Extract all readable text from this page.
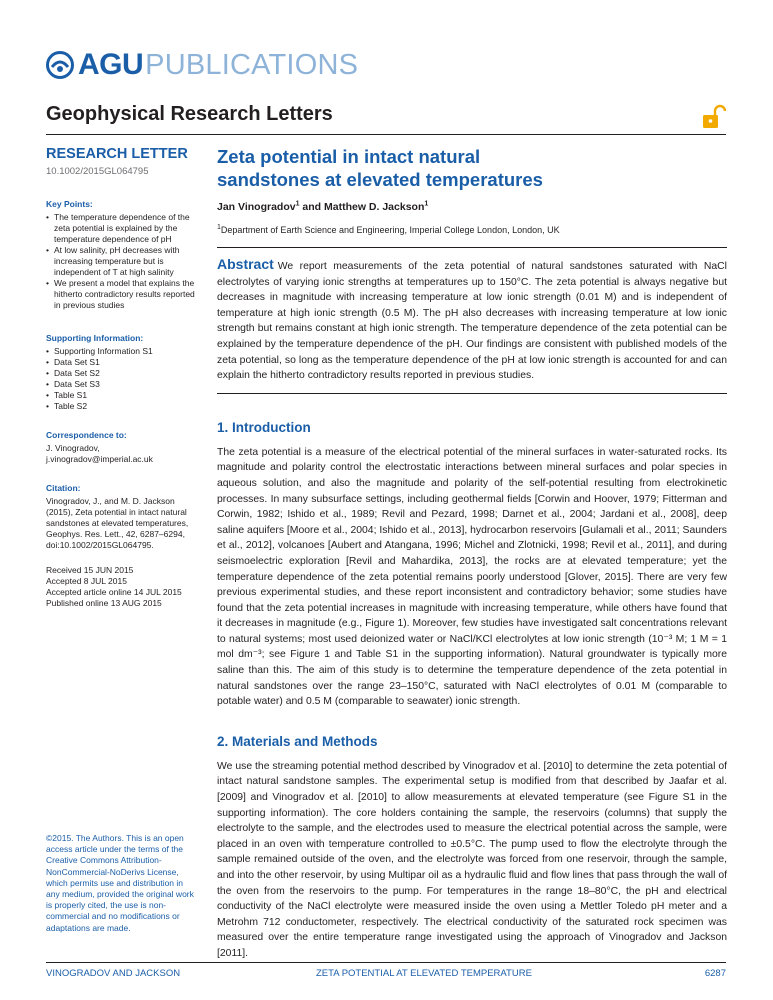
AGU PUBLICATIONS
Geophysical Research Letters
RESEARCH LETTER
10.1002/2015GL064795
Key Points:
• The temperature dependence of the zeta potential is explained by the temperature dependence of pH
• At low salinity, pH decreases with increasing temperature but is independent of T at high salinity
• We present a model that explains the hitherto contradictory results reported in previous studies
Supporting Information:
• Supporting Information S1
• Data Set S1
• Data Set S2
• Data Set S3
• Table S1
• Table S2
Correspondence to:

J. Vinogradov,

j.vinogradov@imperial.ac.uk

Citation:

Vinogradov, J., and M. D. Jackson (2015), Zeta potential in intact natural sandstones at elevated temperatures, Geophys. Res. Lett., 42, 6287–6294, doi:10.1002/2015GL064795.

Received 15 JUN 2015

Accepted 8 JUL 2015

Accepted article online 14 JUL 2015

Published online 13 AUG 2015

©2015. The Authors. This is an open access article under the terms of the Creative Commons Attribution-NonCommercial-NoDerivs License, which permits use and distribution in any medium, provided the original work is properly cited, the use is non-commercial and no modifications or adaptations are made.
Zeta potential in intact natural sandstones at elevated temperatures
Jan Vinogradov$^1$ and Matthew D. Jackson$^1$
$^1$Department of Earth Science and Engineering, Imperial College London, London, UK
Abstract We report measurements of the zeta potential of natural sandstones saturated with NaCl electrolytes of varying ionic strengths at temperatures up to 150°C. The zeta potential is always negative but decreases in magnitude with increasing temperature at low ionic strength (0.01 M) and is independent of temperature at high ionic strength (0.5 M). The pH also decreases with increasing temperature at low ionic strength but remains constant at high ionic strength. The temperature dependence of the zeta potential can be explained by the temperature dependence of the pH. Our findings are consistent with published models of the zeta potential, so long as the temperature dependence of the pH at low ionic strength is accounted for and can explain the hitherto contradictory results reported in previous studies.
1. Introduction

The zeta potential is a measure of the electrical potential of the mineral surfaces in water-saturated rocks. Its magnitude and polarity control the electrostatic interactions between mineral surfaces and polar species in aqueous solution, and also the magnitude and polarity of the self-potential resulting from electrokinetic processes. In many subsurface settings, including geothermal fields [Corwin and Hoover, 1979; Fitterman and Corwin, 1982; Ishido et al., 1989; Revil and Pezard, 1998; Darnet et al., 2004; Jardani et al., 2008], deep saline aquifers [Moore et al., 2004; Ishido et al., 2013], hydrocarbon reservoirs [Gulamali et al., 2011; Saunders et al., 2012], volcanoes [Aubert and Atangana, 1996; Michel and Zlotnicki, 1998; Revil et al., 2011], and during seismoelectric exploration [Revil and Mahardika, 2013], the rocks are at elevated temperature; yet the temperature dependence of the zeta potential remains poorly understood [Glover, 2015]. There are very few previous experimental studies, and these report inconsistent and contradictory behavior; some studies have found that the zeta potential increases in magnitude with increasing temperature, while others have found that it decreases in magnitude (e.g., Figure 1). Moreover, few studies have investigated salt concentrations relevant to natural systems; most used deionized water or NaCl/KCl electrolytes at low ionic strength (10⁻³ M; 1 M = 1 mol dm⁻³; see Figure 1 and Table S1 in the supporting information). Natural groundwater is typically more saline than this. The aim of this study is to determine the temperature dependence of the zeta potential in natural sandstones over the range 23–150°C, saturated with NaCl electrolytes of 0.01 M (comparable to potable water) and 0.5 M (comparable to seawater) ionic strength.

2. Materials and Methods

We use the streaming potential method described by Vinogradov et al. [2010] to determine the zeta potential of intact natural sandstone samples. The experimental setup is modified from that described by Jaafar et al. [2009] and Vinogradov et al. [2010] to allow measurements at elevated temperature (see Figure S1 in the supporting information). The core holders containing the sample, the reservoirs (columns) that supply the electrolyte to the sample, and the electrodes used to measure the electrical potential across the sample, were placed in an oven with temperature controlled to ±0.5°C. The pump used to flow the electrolyte through the sample remained outside of the oven, and the electrolyte was forced from one reservoir, through the sample, and into the other reservoir, by using Multipar oil as a hydraulic fluid and flow lines that pass through the wall of the oven from the reservoirs to the pump. For temperatures in the range 18–80°C, the pH and electrical conductivity of the NaCl electrolyte were measured inside the oven using a Mettler Toledo pH meter and a Metrohm 712 conductometer, respectively. The electrical conductivity of the saturated rock specimen was measured over the entire temperature range investigated using the approach of Vinogradov and Jackson [2011].

VINOGRADOV AND JACKSON	ZETA POTENTIAL AT ELEVATED TEMPERATURE	6287
